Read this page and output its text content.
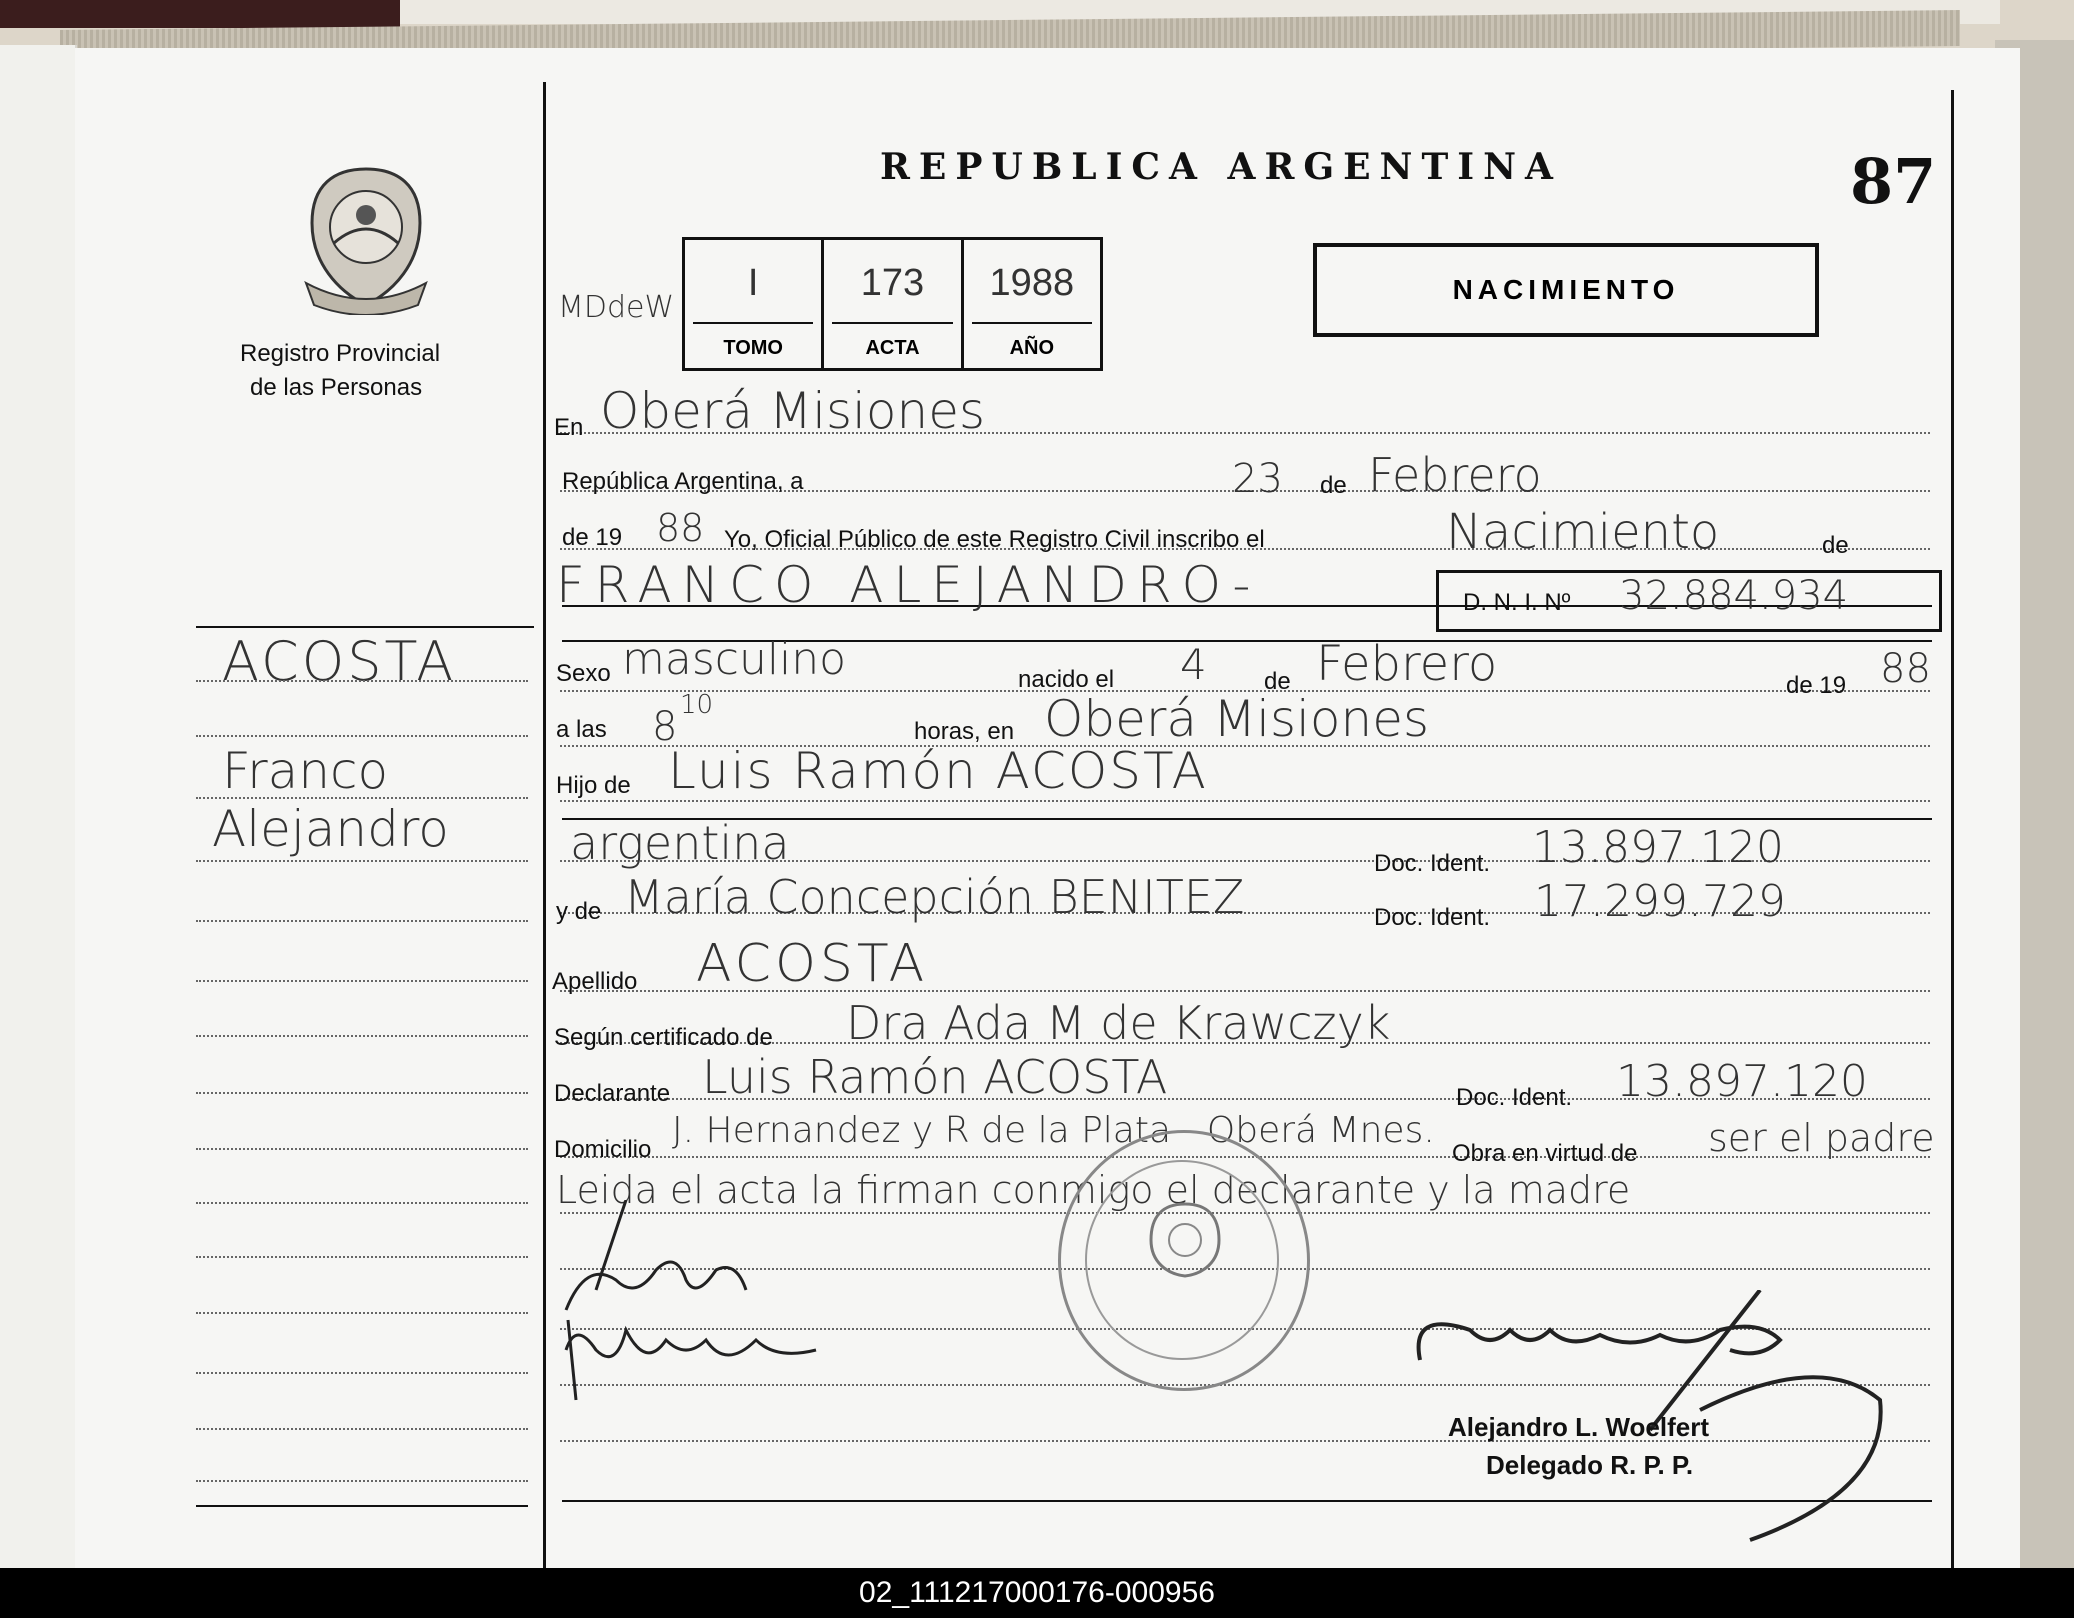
Registro Provincial
de las Personas
REPUBLICA ARGENTINA	87
MDdeW
I
TOMO
173
ACTA
1988
AÑO
NACIMIENTO
ACOSTA
Franco
Alejandro
En Oberá Misiones
República Argentina, a	23 de Febrero
de 19 88 Yo, Oficial Público de este Registro Civil inscribo el	Nacimiento	de
FRANCO ALEJANDRO-	D. N. I. Nº 32.884.934
Sexo masculino	nacido el 4 de Febrero	de 19 88
a las 8 10
horas, en Oberá Misiones
Hijo de Luis Ramón ACOSTA
argentina	Doc. Ident. 13.897.120
y de María Concepción BENITEZ	Doc. Ident. 17.299.729
Apellido ACOSTA
Según certificado de Dra Ada M de Krawczyk
Declarante Luis Ramón ACOSTA	Doc. Ident. 13.897.120
Domicilio J. Hernandez y R de la Plata - Oberá Mnes.
Obra en virtud de ser el padre
Leida el acta la firman conmigo el declarante y la madre
Alejandro L. Woelfert
Delegado R. P. P.
02_111217000176-000956
